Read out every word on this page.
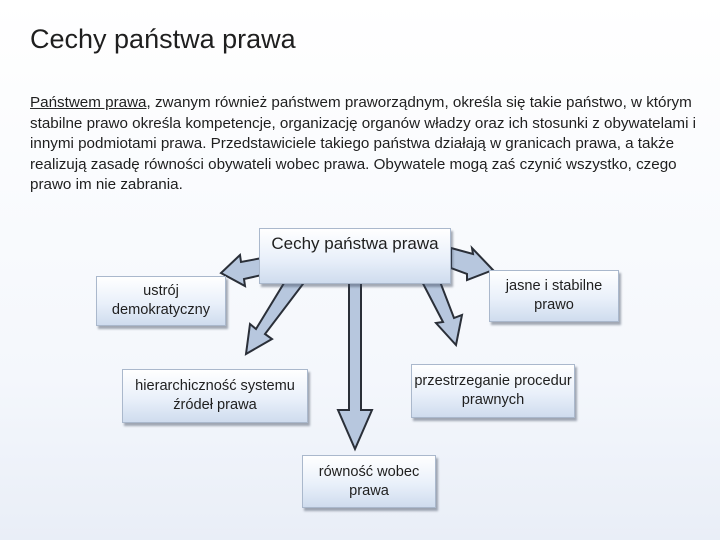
Cechy państwa prawa
Państwem prawa, zwanym również państwem praworządnym, określa się takie państwo, w którym stabilne prawo określa kompetencje, organizację organów władzy oraz ich stosunki z obywatelami i innymi podmiotami prawa. Przedstawiciele takiego państwa działają w granicach prawa, a także realizują zasadę równości obywateli wobec prawa. Obywatele mogą zaś czynić wszystko, czego prawo im nie zabrania.
Cechy państwa prawa
ustrój demokratyczny
jasne i stabilne prawo
hierarchiczność systemu źródeł prawa
przestrzeganie procedur prawnych
równość wobec prawa
